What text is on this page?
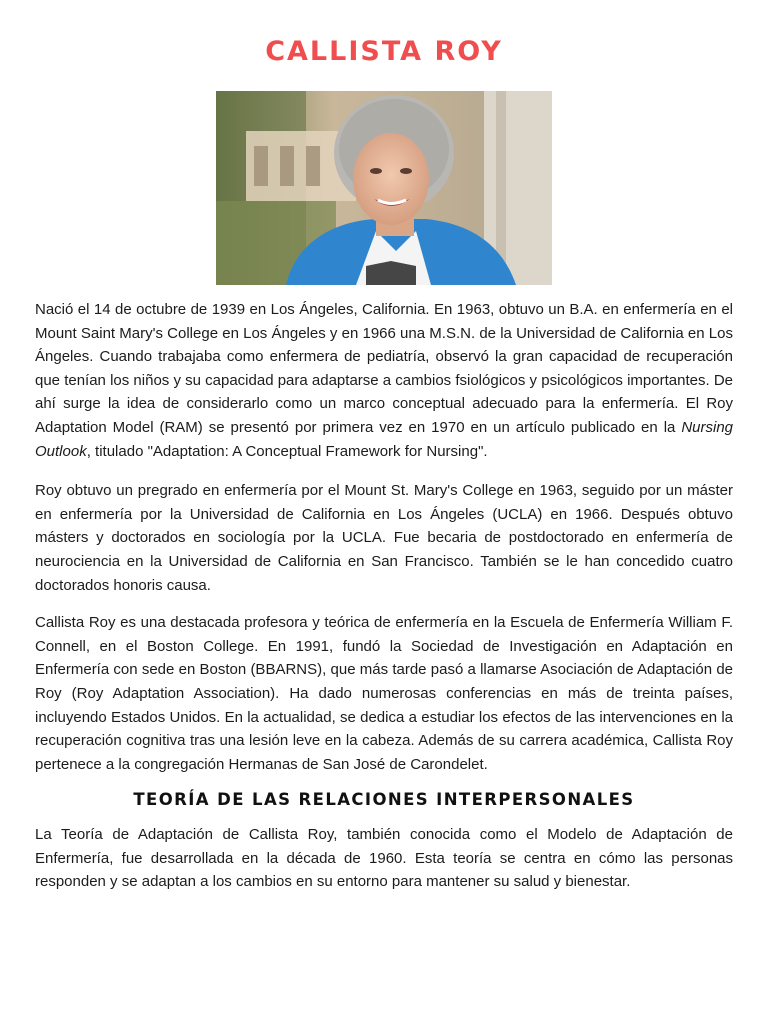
CALLISTA ROY

Nació el 14 de octubre de 1939 en Los Ángeles, California. En 1963, obtuvo un B.A. en enfermería en el Mount Saint Mary's College en Los Ángeles y en 1966 una M.S.N. de la Universidad de California en Los Ángeles. Cuando trabajaba como enfermera de pediatría, observó la gran capacidad de recuperación que tenían los niños y su capacidad para adaptarse a cambios fsiológicos y psicológicos importantes. De ahí surge la idea de considerarlo como un marco conceptual adecuado para la enfermería. El Roy Adaptation Model (RAM) se presentó por primera vez en 1970 en un artículo publicado en la Nursing Outlook, titulado "Adaptation: A Conceptual Framework for Nursing".

Roy obtuvo un pregrado en enfermería por el Mount St. Mary's College en 1963, seguido por un máster en enfermería por la Universidad de California en Los Ángeles (UCLA) en 1966. Después obtuvo másters y doctorados en sociología por la UCLA. Fue becaria de postdoctorado en enfermería de neurociencia en la Universidad de California en San Francisco. También se le han concedido cuatro doctorados honoris causa.

Callista Roy es una destacada profesora y teórica de enfermería en la Escuela de Enfermería William F. Connell, en el Boston College. En 1991, fundó la Sociedad de Investigación en Adaptación en Enfermería con sede en Boston (BBARNS), que más tarde pasó a llamarse Asociación de Adaptación de Roy (Roy Adaptation Association). Ha dado numerosas conferencias en más de treinta países, incluyendo Estados Unidos. En la actualidad, se dedica a estudiar los efectos de las intervenciones en la recuperación cognitiva tras una lesión leve en la cabeza. Además de su carrera académica, Callista Roy pertenece a la congregación Hermanas de San José de Carondelet.

TEORÍA DE LAS RELACIONES INTERPERSONALES

La Teoría de Adaptación de Callista Roy, también conocida como el Modelo de Adaptación de Enfermería, fue desarrollada en la década de 1960. Esta teoría se centra en cómo las personas responden y se adaptan a los cambios en su entorno para mantener su salud y bienestar.
